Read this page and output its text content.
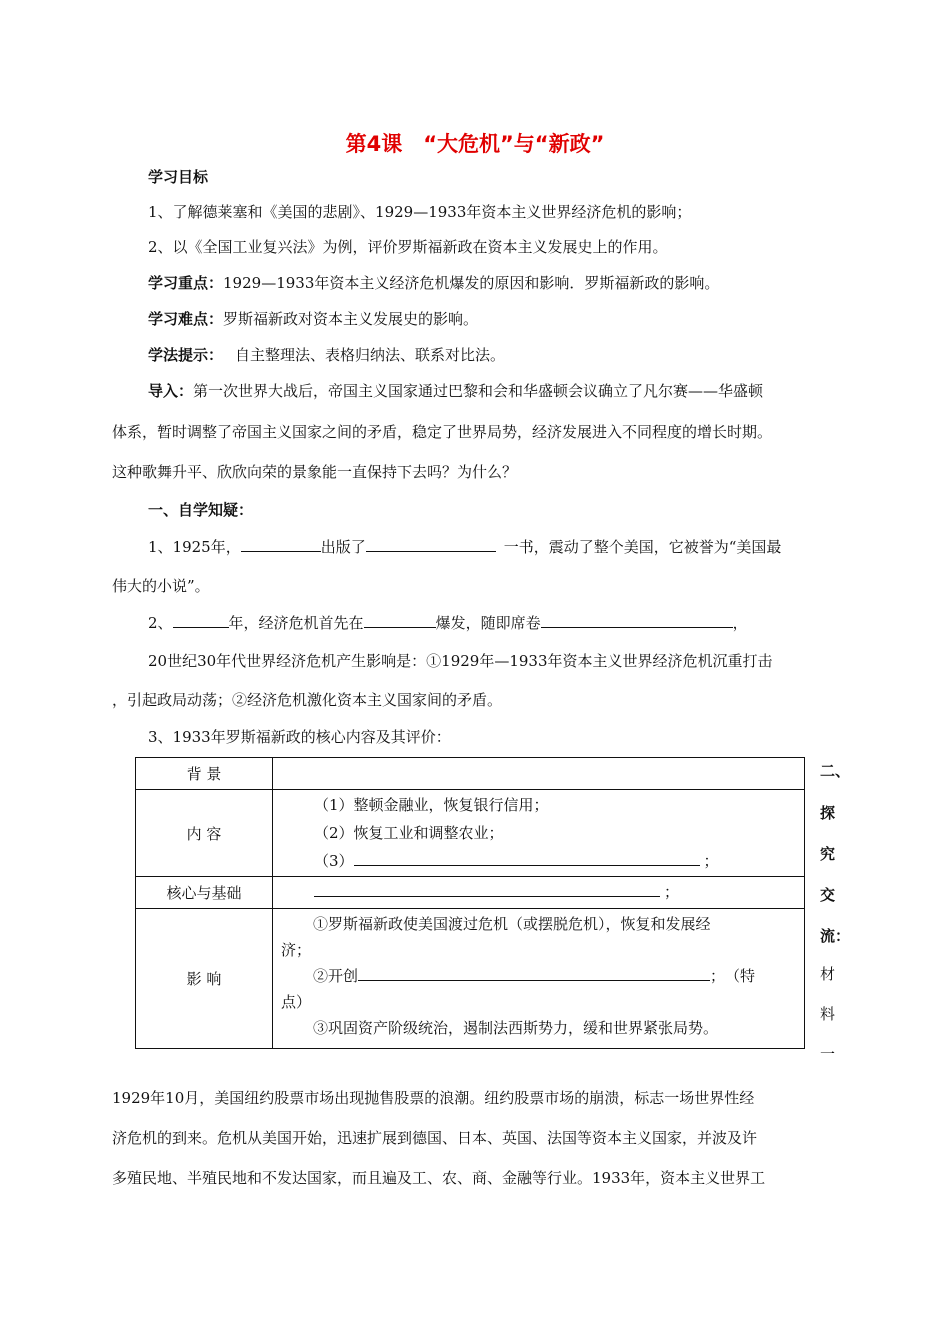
第4课　“大危机”与“新政”
学习目标
1、了解德莱塞和《美国的悲剧》、1929—1933年资本主义世界经济危机的影响；
2、以《全国工业复兴法》为例，评价罗斯福新政在资本主义发展史上的作用。
学习重点：1929—1933年资本主义经济危机爆发的原因和影响．罗斯福新政的影响。
学习难点：罗斯福新政对资本主义发展史的影响。
学法提示： 自主整理法、表格归纳法、联系对比法。
导入：第一次世界大战后，帝国主义国家通过巴黎和会和华盛顿会议确立了凡尔赛——华盛顿
体系，暂时调整了帝国主义国家之间的矛盾，稳定了世界局势，经济发展进入不同程度的增长时期。
这种歌舞升平、欣欣向荣的景象能一直保持下去吗？为什么？
一、自学知疑：
1、1925年，	出版了	一书，震动了整个美国，它被誉为“美国最
伟大的小说”。
2、	年，经济危机首先在	爆发，随即席卷	，
20世纪30年代世界经济危机产生影响是：①1929年—1933年资本主义世界经济危机沉重打击
，引起政局动荡；②经济危机激化资本主义国家间的矛盾。
3、1933年罗斯福新政的核心内容及其评价：
背 景	
内 容	（1）整顿金融业，恢复银行信用；
（2）恢复工业和调整农业；
（3） ；

核心与基础	；

影 响	①罗斯福新政使美国渡过危机（或摆脱危机），恢复和发展经
济；
②开创 ；　（特
点）
③巩固资产阶级统治，遏制法西斯势力，缓和世界紧张局势。
二、
探
究
交
流：
材
料
一
1929年10月，美国纽约股票市场出现抛售股票的浪潮。纽约股票市场的崩溃，标志一场世界性经
济危机的到来。危机从美国开始，迅速扩展到德国、日本、英国、法国等资本主义国家，并波及许
多殖民地、半殖民地和不发达国家，而且遍及工、农、商、金融等行业。1933年，资本主义世界工
